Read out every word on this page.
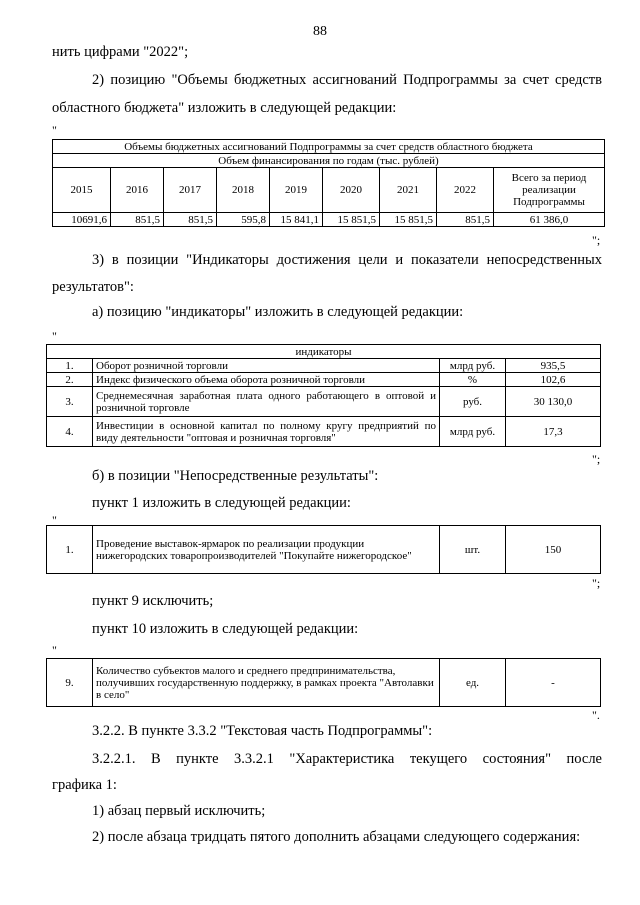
88
нить цифрами "2022";
2) позицию "Объемы бюджетных ассигнований Подпрограммы за счет средств
областного бюджета" изложить в следующей редакции:
"
Объемы бюджетных ассигнований Подпрограммы за счет средств областного бюджета								
Объем финансирования по годам (тыс. рублей)								
2015	2016	2017	2018	2019	2020	2021	2022	Всего за период реализации Подпрограммы
10691,6	851,5	851,5	595,8	15 841,1	15 851,5	15 851,5	851,5	61 386,0
";
3) в позиции "Индикаторы достижения цели и показатели непосредственных
результатов":
а) позицию "индикаторы" изложить в следующей редакции:
"
индикаторы			
1.	Оборот розничной торговли	млрд руб.	935,5
2.	Индекс физического объема оборота розничной торговли	%	102,6
3.	Среднемесячная заработная плата одного работающего в оптовой и розничной торговле	руб.	30 130,0
4.	Инвестиции в основной капитал по полному кругу предприятий по виду деятельности "оптовая и розничная торговля"	млрд руб.	17,3
";
б) в позиции "Непосредственные результаты":
пункт 1 изложить в следующей редакции:
"
1.	Проведение выставок-ярмарок по реализации продукции нижегородских товаропроизводителей "Покупайте нижегородское"	шт.	150
";
пункт 9 исключить;
пункт 10 изложить в следующей редакции:
"
9.	Количество субъектов малого и среднего предпринимательства, получивших государственную поддержку, в рамках проекта "Автолавки в село"	ед.	-
".
3.2.2. В пункте 3.3.2 "Текстовая часть Подпрограммы":
3.2.2.1. В пункте 3.3.2.1 "Характеристика текущего состояния" после
графика 1:
1) абзац первый исключить;
2) после абзаца тридцать пятого дополнить абзацами следующего содержания:
